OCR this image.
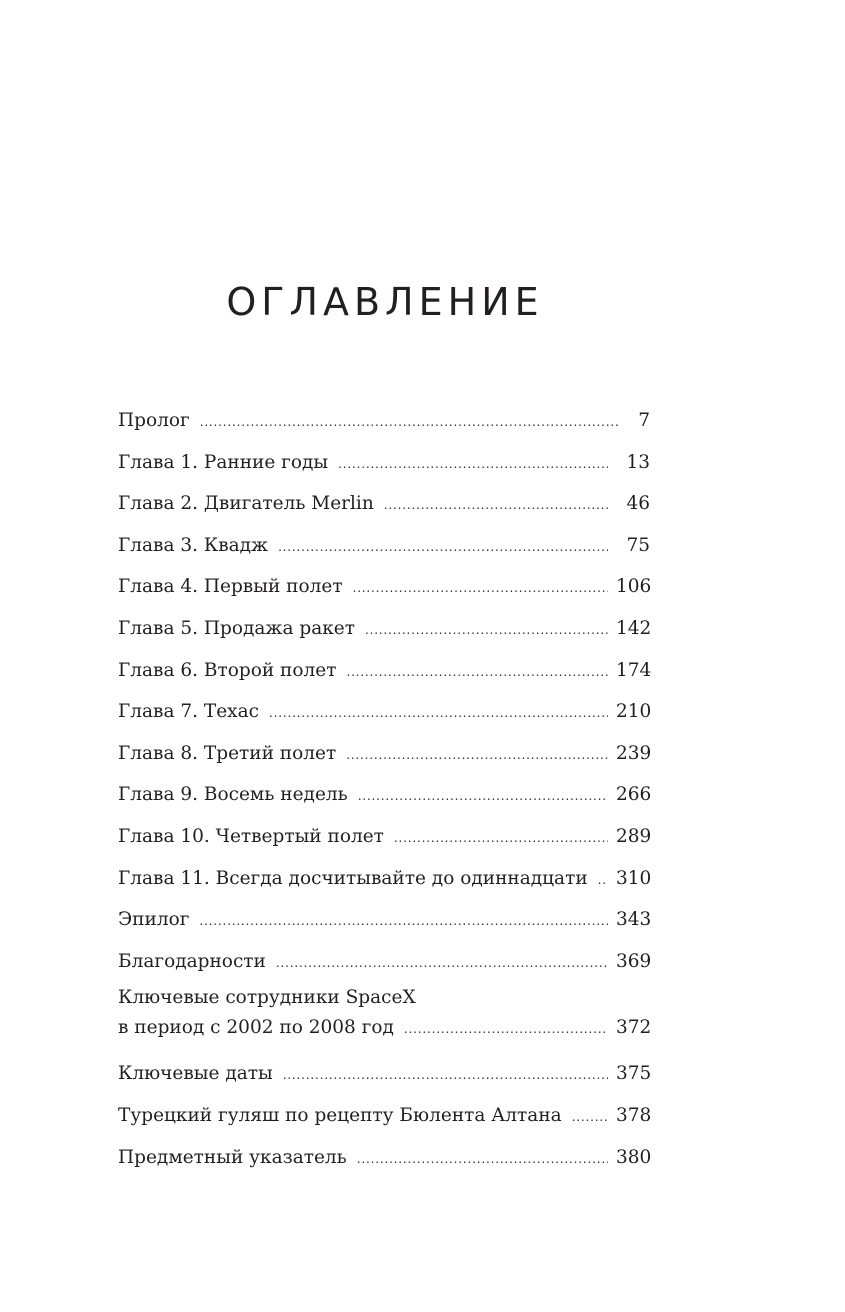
ОГЛАВЛЕНИЕ
Пролог .....	7
Глава 1. Ранние годы .....	13
Глава 2. Двигатель Merlin .....	46
Глава 3. Квадж .....	75
Глава 4. Первый полет .....	106
Глава 5. Продажа ракет .....	142
Глава 6. Второй полет .....	174
Глава 7. Техас .....	210
Глава 8. Третий полет .....	239
Глава 9. Восемь недель .....	266
Глава 10. Четвертый полет .....	289
Глава 11. Всегда досчитывайте до одиннадцати .....	310
Эпилог .....	343
Благодарности .....	369
Ключевые сотрудники SpaceX
в период с 2002 по 2008 год .....	372
Ключевые даты .....	375
Турецкий гуляш по рецепту Бюлента Алтана .....	378
Предметный указатель .....	380
